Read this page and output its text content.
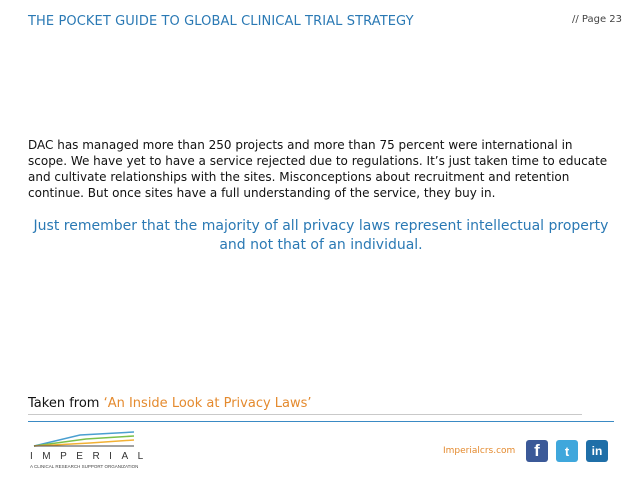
THE POCKET GUIDE TO GLOBAL CLINICAL TRIAL STRATEGY	// Page 23

DAC has managed more than 250 projects and more than 75 percent were international in scope. We have yet to have a service rejected due to regulations. It’s just taken time to educate and cultivate relationships with the sites. Misconceptions about recruitment and retention continue. But once sites have a full understanding of the service, they buy in.

Just remember that the majority of all privacy laws represent intellectual property and not that of an individual.

Taken from ‘An Inside Look at Privacy Laws’
IMPERIAL
A CLINICAL RESEARCH SUPPORT ORGANIZATION
Imperialcrs.com	f	t	in
